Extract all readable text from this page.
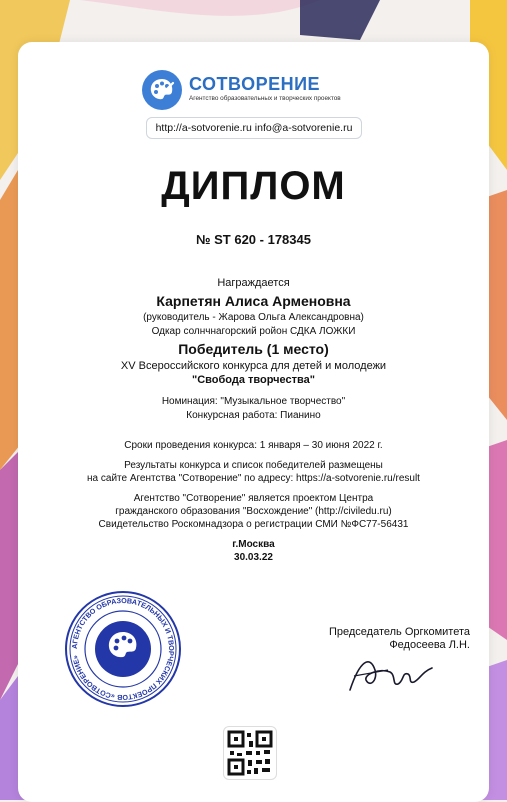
СОТВОРЕНИЕ
Агентство образовательных и творческих проектов
http://a-sotvorenie.ru info@a-sotvorenie.ru
ДИПЛОМ
№ ST 620 - 178345
Награждается
Карпетян Алиса Арменовна
(руководитель - Жарова Ольга Александровна)
Одкар солнчнагорский ройон СДКА ЛОЖКИ
Победитель (1 место)
XV Всероссийского конкурса для детей и молодежи
"Свобода творчества"
Номинация: "Музыкальное творчество"
Конкурсная работа: Пианино
Сроки проведения конкурса: 1 января – 30 июня 2022 г.
Результаты конкурса и список победителей размещены
на сайте Агентства "Сотворение" по адресу: https://a-sotvorenie.ru/result
Агентство "Сотворение" является проектом Центра
гражданского образования "Восхождение" (http://civiledu.ru)
Свидетельство Роскомнадзора о регистрации СМИ №ФС77-56431
г.Москва
30.03.22
АГЕНТСТВО ОБРАЗОВАТЕЛЬНЫХ И ТВОРЧЕСКИХ ПРОЕКТОВ «СОТВОРЕНИЕ»
Председатель Оргкомитета
Федосеева Л.Н.
